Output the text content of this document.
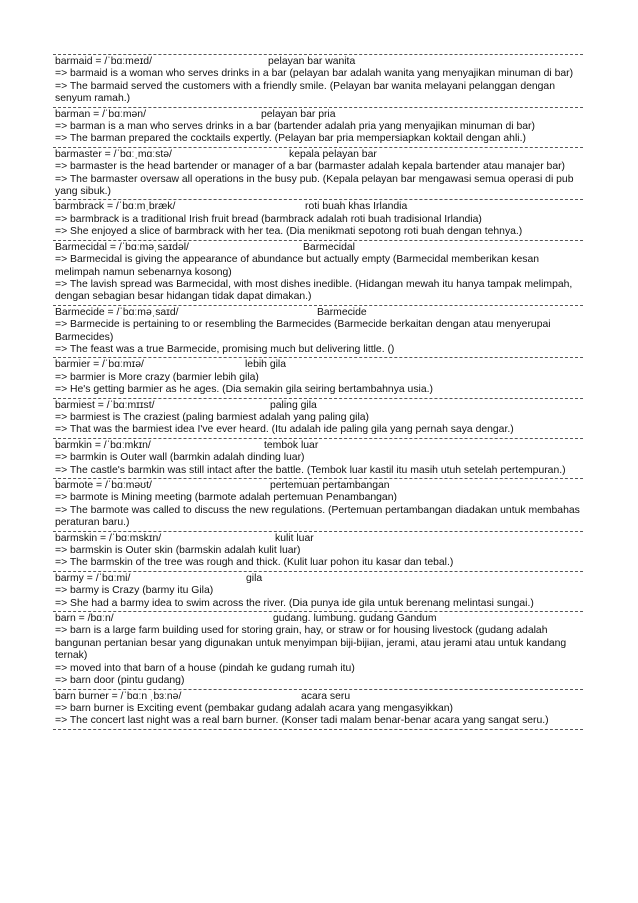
barmaid = /ˈbɑːmeɪd/	pelayan bar wanita
=> barmaid is a woman who serves drinks in a bar (pelayan bar adalah wanita yang menyajikan minuman di bar)
=> The barmaid served the customers with a friendly smile. (Pelayan bar wanita melayani pelanggan dengan senyum ramah.)
barman = /ˈbɑːmən/	pelayan bar pria
=> barman is a man who serves drinks in a bar (bartender adalah pria yang menyajikan minuman di bar)
=> The barman prepared the cocktails expertly. (Pelayan bar pria mempersiapkan koktail dengan ahli.)
barmaster = /ˈbɑːˌmɑːstə/	kepala pelayan bar
=> barmaster is the head bartender or manager of a bar (barmaster adalah kepala bartender atau manajer bar)
=> The barmaster oversaw all operations in the busy pub. (Kepala pelayan bar mengawasi semua operasi di pub yang sibuk.)
barmbrack = /ˈbɑːmˌbræk/	roti buah khas Irlandia
=> barmbrack is a traditional Irish fruit bread (barmbrack adalah roti buah tradisional Irlandia)
=> She enjoyed a slice of barmbrack with her tea. (Dia menikmati sepotong roti buah dengan tehnya.)
Barmecidal = /ˈbɑːməˌsaɪdəl/	Barmecidal
=> Barmecidal is giving the appearance of abundance but actually empty (Barmecidal memberikan kesan melimpah namun sebenarnya kosong)
=> The lavish spread was Barmecidal, with most dishes inedible. (Hidangan mewah itu hanya tampak melimpah, dengan sebagian besar hidangan tidak dapat dimakan.)
Barmecide = /ˈbɑːməˌsaɪd/	Barmecide
=> Barmecide is pertaining to or resembling the Barmecides (Barmecide berkaitan dengan atau menyerupai Barmecides)
=> The feast was a true Barmecide, promising much but delivering little. ()
barmier = /ˈbɑːmɪə/	lebih gila
=> barmier is More crazy (barmier lebih gila)
=> He's getting barmier as he ages. (Dia semakin gila seiring bertambahnya usia.)
barmiest = /ˈbɑːmɪɪst/	paling gila
=> barmiest is The craziest (paling barmiest adalah yang paling gila)
=> That was the barmiest idea I've ever heard. (Itu adalah ide paling gila yang pernah saya dengar.)
barmkin = /ˈbɑːmkɪn/	tembok luar
=> barmkin is Outer wall (barmkin adalah dinding luar)
=> The castle's barmkin was still intact after the battle. (Tembok luar kastil itu masih utuh setelah pertempuran.)
barmote = /ˈbɑːməʊt/	pertemuan pertambangan
=> barmote is Mining meeting (barmote adalah pertemuan Penambangan)
=> The barmote was called to discuss the new regulations. (Pertemuan pertambangan diadakan untuk membahas peraturan baru.)
barmskin = /ˈbɑːmskɪn/	kulit luar
=> barmskin is Outer skin (barmskin adalah kulit luar)
=> The barmskin of the tree was rough and thick. (Kulit luar pohon itu kasar dan tebal.)
barmy = /ˈbɑːmi/	gila
=> barmy is Crazy (barmy itu Gila)
=> She had a barmy idea to swim across the river. (Dia punya ide gila untuk berenang melintasi sungai.)
barn = /bɑːn/	gudang. lumbung. gudang Gandum
=> barn is a large farm building used for storing grain, hay, or straw or for housing livestock (gudang adalah bangunan pertanian besar yang digunakan untuk menyimpan biji-bijian, jerami, atau jerami atau untuk kandang ternak)
=> moved into that barn of a house (pindah ke gudang rumah itu)
=> barn door (pintu gudang)
barn burner = /ˈbɑːn ˌbɜːnə/	acara seru
=> barn burner is Exciting event (pembakar gudang adalah acara yang mengasyikkan)
=> The concert last night was a real barn burner. (Konser tadi malam benar-benar acara yang sangat seru.)
